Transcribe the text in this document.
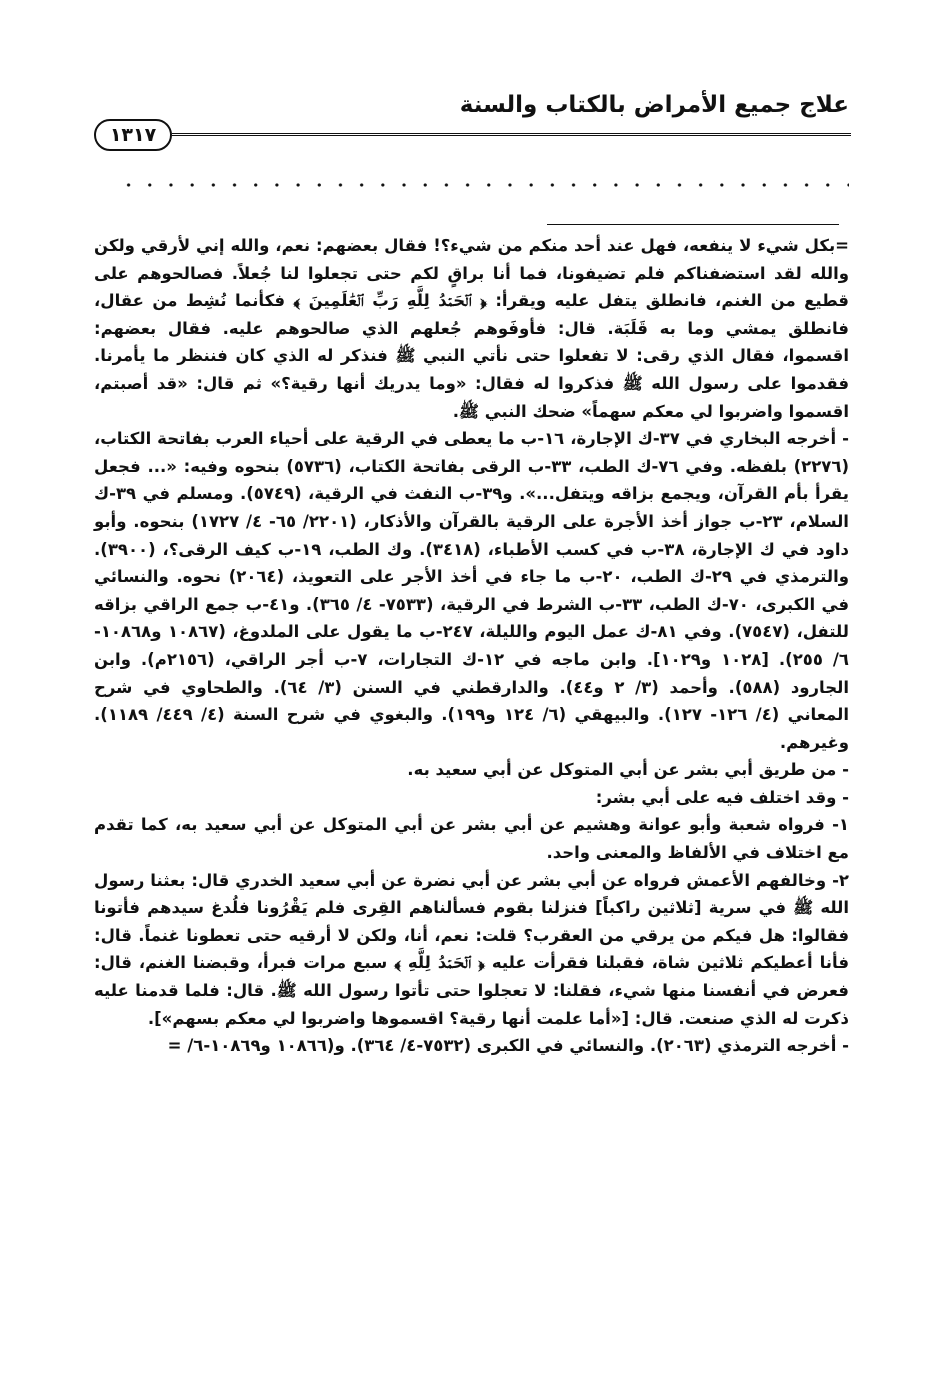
علاج جميع الأمراض بالكتاب والسنة
١٣١٧

=بكل شيء لا ينفعه، فهل عند أحد منكم من شيء؟! فقال بعضهم: نعم، والله إني لأرقي ولكن والله لقد استضفناكم فلم تضيفونا، فما أنا براقٍ لكم حتى تجعلوا لنا جُعلاً. فصالحوهم على قطيع من الغنم، فانطلق يتفل عليه ويقرأ: ﴿ ٱلۡحَمۡدُ لِلَّهِ رَبِّ ٱلۡعَٰلَمِينَ ﴾ فكأنما نُشِط من عقال، فانطلق يمشي وما به قَلَبَة. قال: فأوفَوهم جُعلهم الذي صالحوهم عليه. فقال بعضهم: اقسموا، فقال الذي رقى: لا تفعلوا حتى نأتي النبي ﷺ فنذكر له الذي كان فننظر ما يأمرنا. فقدموا على رسول الله ﷺ فذكروا له فقال: «وما يدريك أنها رقية؟» ثم قال: «قد أصبتم، اقسموا واضربوا لي معكم سهماً» ضحك النبي ﷺ.

- أخرجه البخاري في ٣٧-ك الإجارة، ١٦-ب ما يعطى في الرقية على أحياء العرب بفاتحة الكتاب، (٢٢٧٦) بلفظه. وفي ٧٦-ك الطب، ٣٣-ب الرقى بفاتحة الكتاب، (٥٧٣٦) بنحوه وفيه: «... فجعل يقرأ بأم القرآن، ويجمع بزاقه ويتفل...». و٣٩-ب النفث في الرقية، (٥٧٤٩). ومسلم في ٣٩-ك السلام، ٢٣-ب جواز أخذ الأجرة على الرقية بالقرآن والأذكار، (٢٢٠١/ ٦٥- ٤/ ١٧٢٧) بنحوه. وأبو داود في ك الإجارة، ٣٨-ب في كسب الأطباء، (٣٤١٨). وك الطب، ١٩-ب كيف الرقى؟، (٣٩٠٠). والترمذي في ٢٩-ك الطب، ٢٠-ب ما جاء في أخذ الأجر على التعويذ، (٢٠٦٤) نحوه. والنسائي في الكبرى، ٧٠-ك الطب، ٣٣-ب الشرط في الرقية، (٧٥٣٣- ٤/ ٣٦٥). و٤١-ب جمع الراقي بزاقه للتفل، (٧٥٤٧). وفي ٨١-ك عمل اليوم والليلة، ٢٤٧-ب ما يقول على الملدوغ، (١٠٨٦٧ و١٠٨٦٨- ٦/ ٢٥٥). [١٠٢٨ و١٠٢٩]. وابن ماجه في ١٢-ك التجارات، ٧-ب أجر الراقي، (٢١٥٦م). وابن الجارود (٥٨٨). وأحمد (٣/ ٢ و٤٤). والدارقطني في السنن (٣/ ٦٤). والطحاوي في شرح المعاني (٤/ ١٢٦- ١٢٧). والبيهقي (٦/ ١٢٤ و١٩٩). والبغوي في شرح السنة (٤/ ٤٤٩/ ١١٨٩). وغيرهم.

- من طريق أبي بشر عن أبي المتوكل عن أبي سعيد به.

- وقد اختلف فيه على أبي بشر:

١- فرواه شعبة وأبو عوانة وهشيم عن أبي بشر عن أبي المتوكل عن أبي سعيد به، كما تقدم مع اختلاف في الألفاظ والمعنى واحد.

٢- وخالفهم الأعمش فرواه عن أبي بشر عن أبي نضرة عن أبي سعيد الخدري قال: بعثنا رسول الله ﷺ في سرية [ثلاثين راكباً] فنزلنا بقوم فسألناهم القِرى فلم يَقْرُونا فلُدغ سيدهم فأتونا فقالوا: هل فيكم من يرقي من العقرب؟ قلت: نعم، أنا، ولكن لا أرقيه حتى تعطونا غنماً. قال: فأنا أعطيكم ثلاثين شاة، فقبلنا فقرأت عليه ﴿ ٱلۡحَمۡدُ لِلَّهِ ﴾ سبع مرات فبرأ، وقبضنا الغنم، قال: فعرض في أنفسنا منها شيء، فقلنا: لا تعجلوا حتى تأتوا رسول الله ﷺ. قال: فلما قدمنا عليه ذكرت له الذي صنعت. قال: [«أما علمت أنها رقية؟ اقسموها واضربوا لي معكم بسهم»].

- أخرجه الترمذي (٢٠٦٣). والنسائي في الكبرى (٧٥٣٢-٤/ ٣٦٤). و(١٠٨٦٦ و١٠٨٦٩-٦/ =
